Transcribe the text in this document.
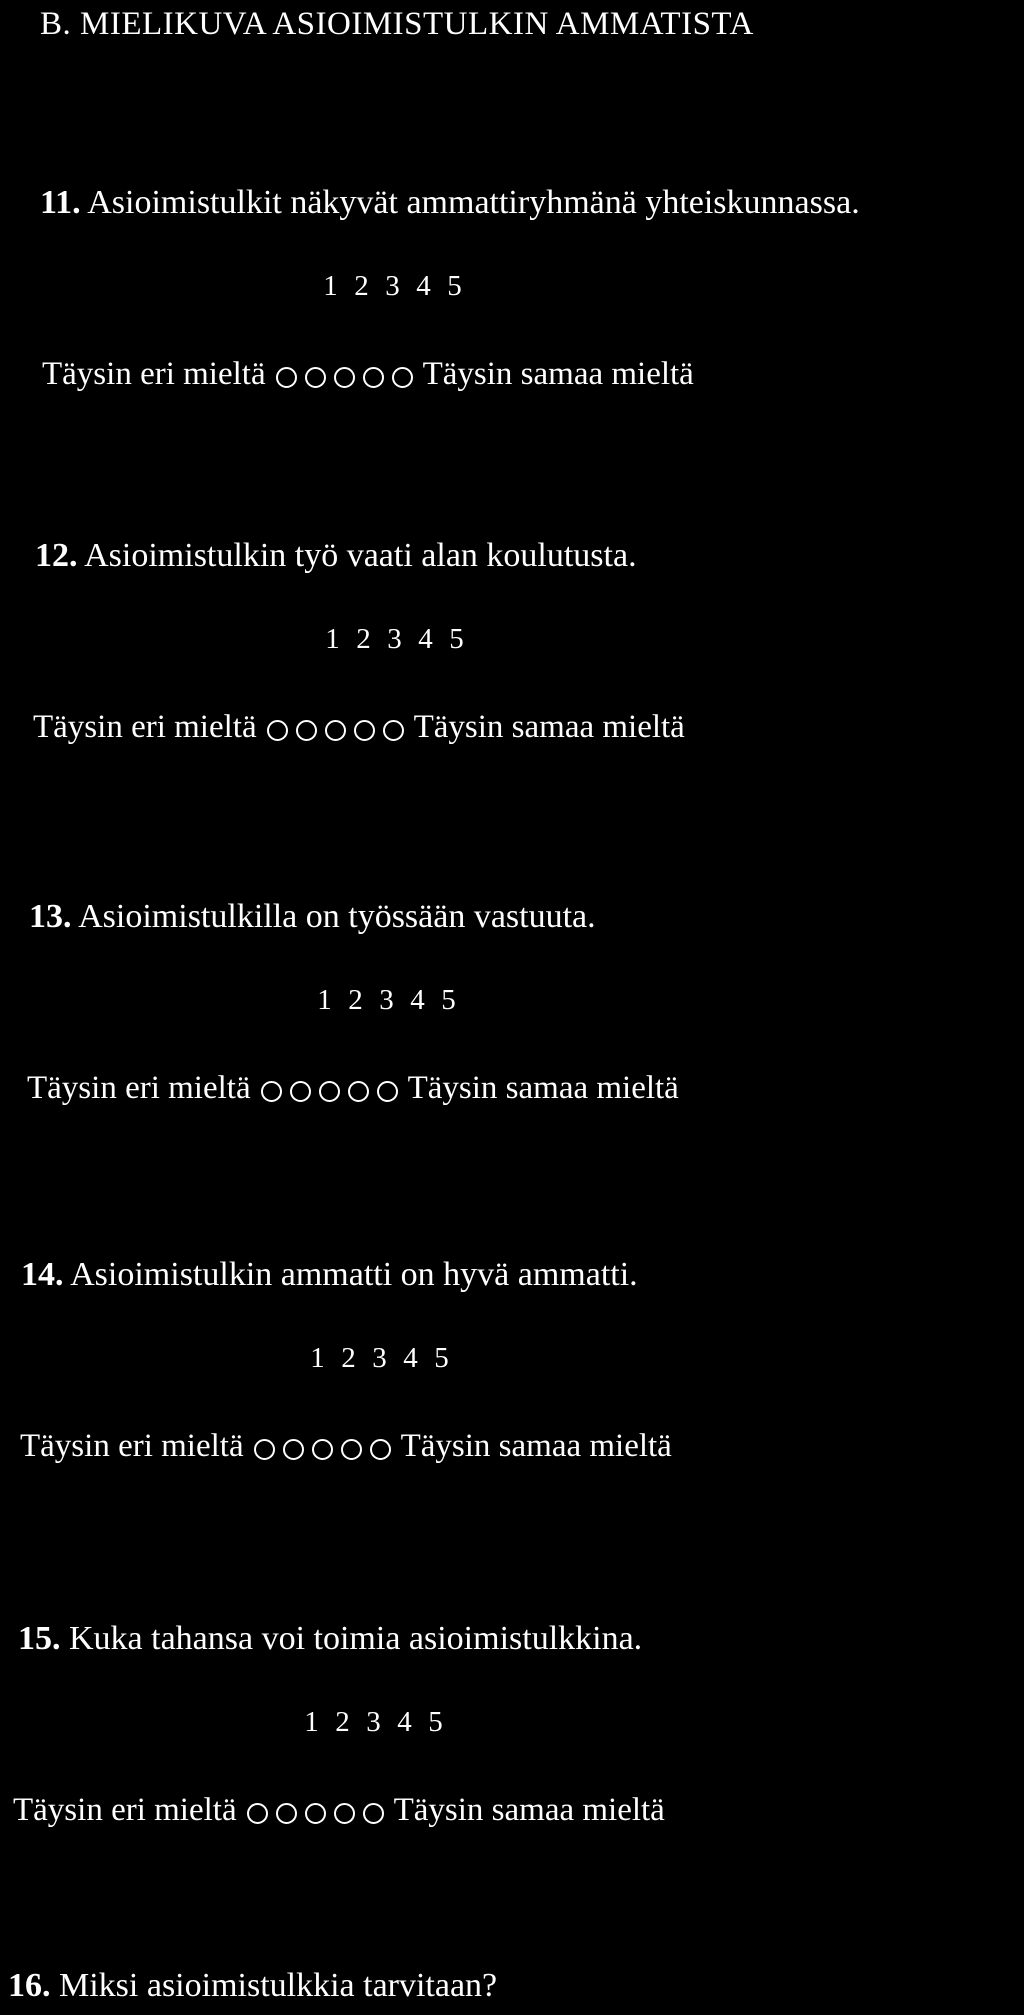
B. MIELIKUVA ASIOIMISTULKIN AMMATISTA
11. Asioimistulkit näkyvät ammattiryhmänä yhteiskunnassa.
1 2 3 4 5
Täysin eri mieltä	Täysin samaa mieltä
12. Asioimistulkin työ vaati alan koulutusta.
1 2 3 4 5
Täysin eri mieltä	Täysin samaa mieltä
13. Asioimistulkilla on työssään vastuuta.
1 2 3 4 5
Täysin eri mieltä	Täysin samaa mieltä
14. Asioimistulkin ammatti on hyvä ammatti.
1 2 3 4 5
Täysin eri mieltä	Täysin samaa mieltä
15. Kuka tahansa voi toimia asioimistulkkina.
1 2 3 4 5
Täysin eri mieltä	Täysin samaa mieltä
16. Miksi asioimistulkkia tarvitaan?
